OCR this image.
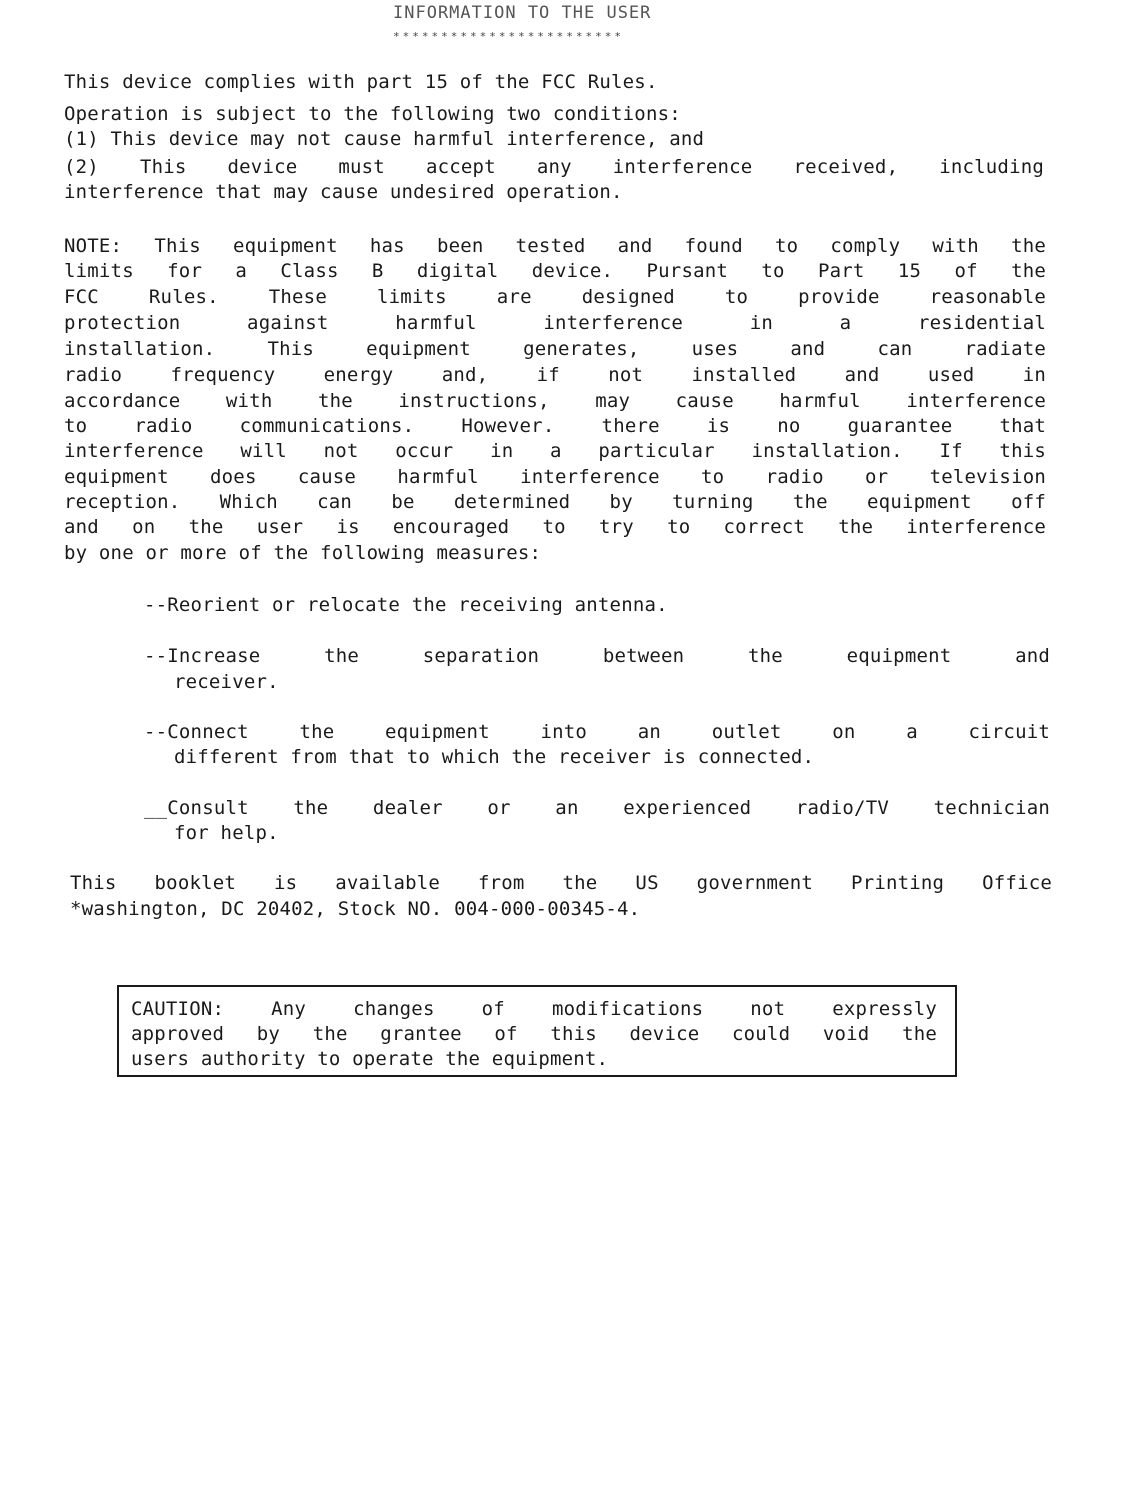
INFORMATION TO THE USER
************************
This device complies with part 15 of the FCC Rules.
Operation is subject to the following two conditions:
(1) This device may not cause harmful interference, and
(2) This device must accept any interference received, including
interference that may cause undesired operation.
NOTE: This equipment has been tested and found to comply with the
limits for a Class B digital device. Pursant to Part 15 of the
FCC Rules. These limits are designed to provide reasonable
protection against harmful interference in a residential
installation. This equipment generates, uses and can radiate
radio frequency energy and, if not installed and used in
accordance with the instructions, may cause harmful interference
to radio communications. However. there is no guarantee that
interference will not occur in a particular installation. If this
equipment does cause harmful interference to radio or television
reception. Which can be determined by turning the equipment off
and on the user is encouraged to try to correct the interference
by one or more of the following measures:
--Reorient or relocate the receiving antenna.
--Increase the separation between the equipment and
receiver.
--Connect the equipment into an outlet on a circuit
different from that to which the receiver is connected.
__Consult the dealer or an experienced radio/TV technician
for help.
This booklet is available from the US government Printing Office
*washington, DC 20402, Stock NO. 004-000-00345-4.
CAUTION: Any changes of modifications not expressly
approved by the grantee of this device could void the
users authority to operate the equipment.
